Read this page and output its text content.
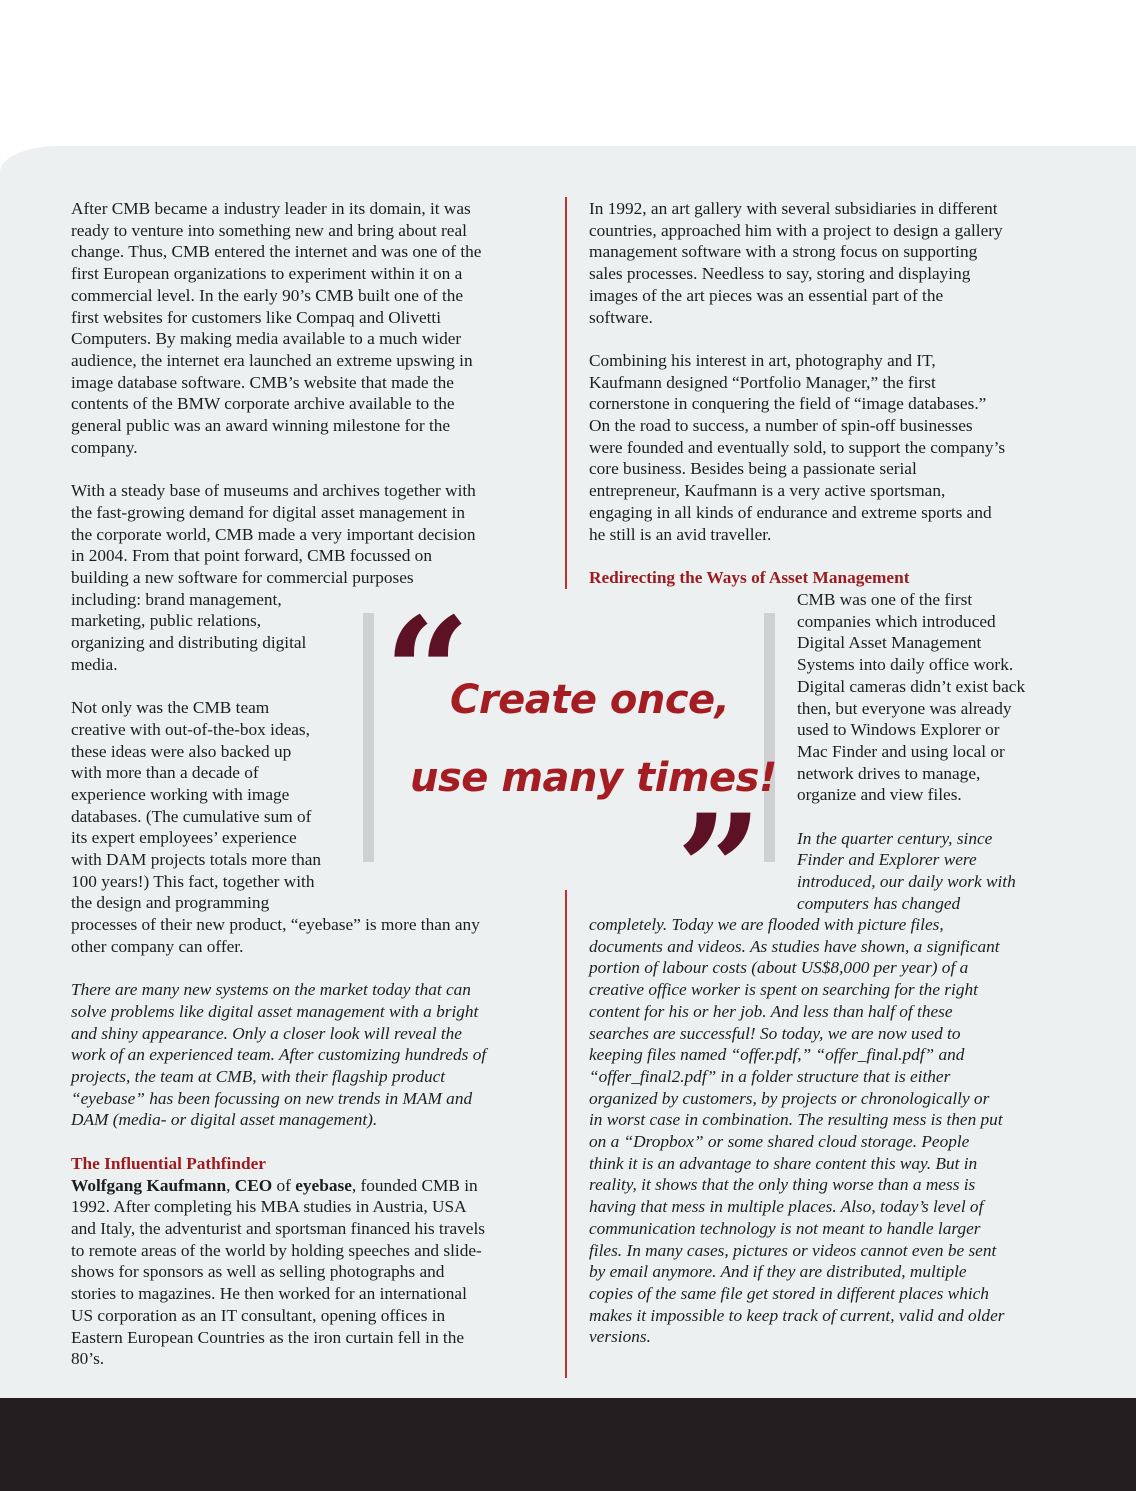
After CMB became a industry leader in its domain, it was
ready to venture into something new and bring about real
change. Thus, CMB entered the internet and was one of the
first European organizations to experiment within it on a
commercial level. In the early 90’s CMB built one of the
first websites for customers like Compaq and Olivetti
Computers. By making media available to a much wider
audience, the internet era launched an extreme upswing in
image database software. CMB’s website that made the
contents of the BMW corporate archive available to the
general public was an award winning milestone for the
company.
With a steady base of museums and archives together with
the fast-growing demand for digital asset management in
the corporate world, CMB made a very important decision
in 2004. From that point forward, CMB focussed on
building a new software for commercial purposes
including: brand management,
marketing, public relations,
organizing and distributing digital
media.
Not only was the CMB team
creative with out-of-the-box ideas,
these ideas were also backed up
with more than a decade of
experience working with image
databases. (The cumulative sum of
its expert employees’ experience
with DAM projects totals more than
100 years!) This fact, together with
the design and programming
processes of their new product, “eyebase” is more than any
other company can offer.
There are many new systems on the market today that can
solve problems like digital asset management with a bright
and shiny appearance. Only a closer look will reveal the
work of an experienced team. After customizing hundreds of
projects, the team at CMB, with their flagship product
“eyebase” has been focussing on new trends in MAM and
DAM (media- or digital asset management).
The Influential Pathfinder
Wolfgang Kaufmann, CEO of eyebase, founded CMB in
1992. After completing his MBA studies in Austria, USA
and Italy, the adventurist and sportsman financed his travels
to remote areas of the world by holding speeches and slide-
shows for sponsors as well as selling photographs and
stories to magazines. He then worked for an international
US corporation as an IT consultant, opening offices in
Eastern European Countries as the iron curtain fell in the
80’s.
In 1992, an art gallery with several subsidiaries in different
countries, approached him with a project to design a gallery
management software with a strong focus on supporting
sales processes. Needless to say, storing and displaying
images of the art pieces was an essential part of the
software.
Combining his interest in art, photography and IT,
Kaufmann designed “Portfolio Manager,” the first
cornerstone in conquering the field of “image databases.”
On the road to success, a number of spin-off businesses
were founded and eventually sold, to support the company’s
core business. Besides being a passionate serial
entrepreneur, Kaufmann is a very active sportsman,
engaging in all kinds of endurance and extreme sports and
he still is an avid traveller.
Redirecting the Ways of Asset Management
CMB was one of the first
companies which introduced
Digital Asset Management
Systems into daily office work.
Digital cameras didn’t exist back
then, but everyone was already
used to Windows Explorer or
Mac Finder and using local or
network drives to manage,
organize and view files.
In the quarter century, since
Finder and Explorer were
introduced, our daily work with
computers has changed
completely. Today we are flooded with picture files,
documents and videos. As studies have shown, a significant
portion of labour costs (about US$8,000 per year) of a
creative office worker is spent on searching for the right
content for his or her job. And less than half of these
searches are successful! So today, we are now used to
keeping files named “offer.pdf,” “offer_final.pdf” and
“offer_final2.pdf” in a folder structure that is either
organized by customers, by projects or chronologically or
in worst case in combination. The resulting mess is then put
on a “Dropbox” or some shared cloud storage. People
think it is an advantage to share content this way. But in
reality, it shows that the only thing worse than a mess is
having that mess in multiple places. Also, today’s level of
communication technology is not meant to handle larger
files. In many cases, pictures or videos cannot even be sent
by email anymore. And if they are distributed, multiple
copies of the same file get stored in different places which
makes it impossible to keep track of current, valid and older
versions.
“
Create once,
use many times!
”
